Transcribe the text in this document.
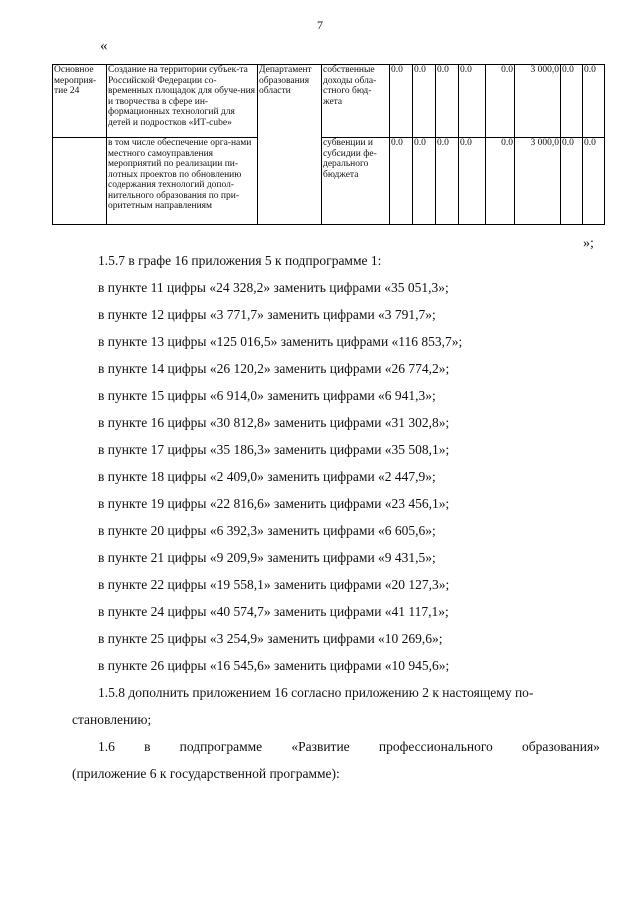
7
«
Основное мероприя-тие 24	Создание на территории субъек-та Российской Федерации со-временных площадок для обуче-ния и творчества в сфере ин-формационных технологий для детей и подростков «ИТ-cube»	Департамент образования области	собственные доходы обла-стного бюд-жета	0.0	0.0	0.0	0.0	0.0	3 000,0	0.0	0.0
	в том числе обеспечение орга-нами местного самоуправления мероприятий по реализации пи-лотных проектов по обновлению содержания технологий допол-нительного образования по при-оритетным направлениям		субвенции и субсидии фе-дерального бюджета	0.0	0.0	0.0	0.0	0.0	3 000,0	0.0	0.0
»;
1.5.7 в графе 16 приложения 5 к подпрограмме 1:
в пункте 11 цифры «24 328,2» заменить цифрами «35 051,3»;
в пункте 12 цифры «3 771,7» заменить цифрами «3 791,7»;
в пункте 13 цифры «125 016,5» заменить цифрами «116 853,7»;
в пункте 14 цифры «26 120,2» заменить цифрами «26 774,2»;
в пункте 15 цифры «6 914,0» заменить цифрами «6 941,3»;
в пункте 16 цифры «30 812,8» заменить цифрами «31 302,8»;
в пункте 17 цифры «35 186,3» заменить цифрами «35 508,1»;
в пункте 18 цифры «2 409,0» заменить цифрами «2 447,9»;
в пункте 19 цифры «22 816,6» заменить цифрами «23 456,1»;
в пункте 20 цифры «6 392,3» заменить цифрами «6 605,6»;
в пункте 21 цифры «9 209,9» заменить цифрами «9 431,5»;
в пункте 22 цифры «19 558,1» заменить цифрами «20 127,3»;
в пункте 24 цифры «40 574,7» заменить цифрами «41 117,1»;
в пункте 25 цифры «3 254,9» заменить цифрами «10 269,6»;
в пункте 26 цифры «16 545,6» заменить цифрами «10 945,6»;
1.5.8 дополнить приложением 16 согласно приложению 2 к настоящему по-
становлению;
1.6 в подпрограмме «Развитие профессионального образования»
(приложение 6 к государственной программе):
